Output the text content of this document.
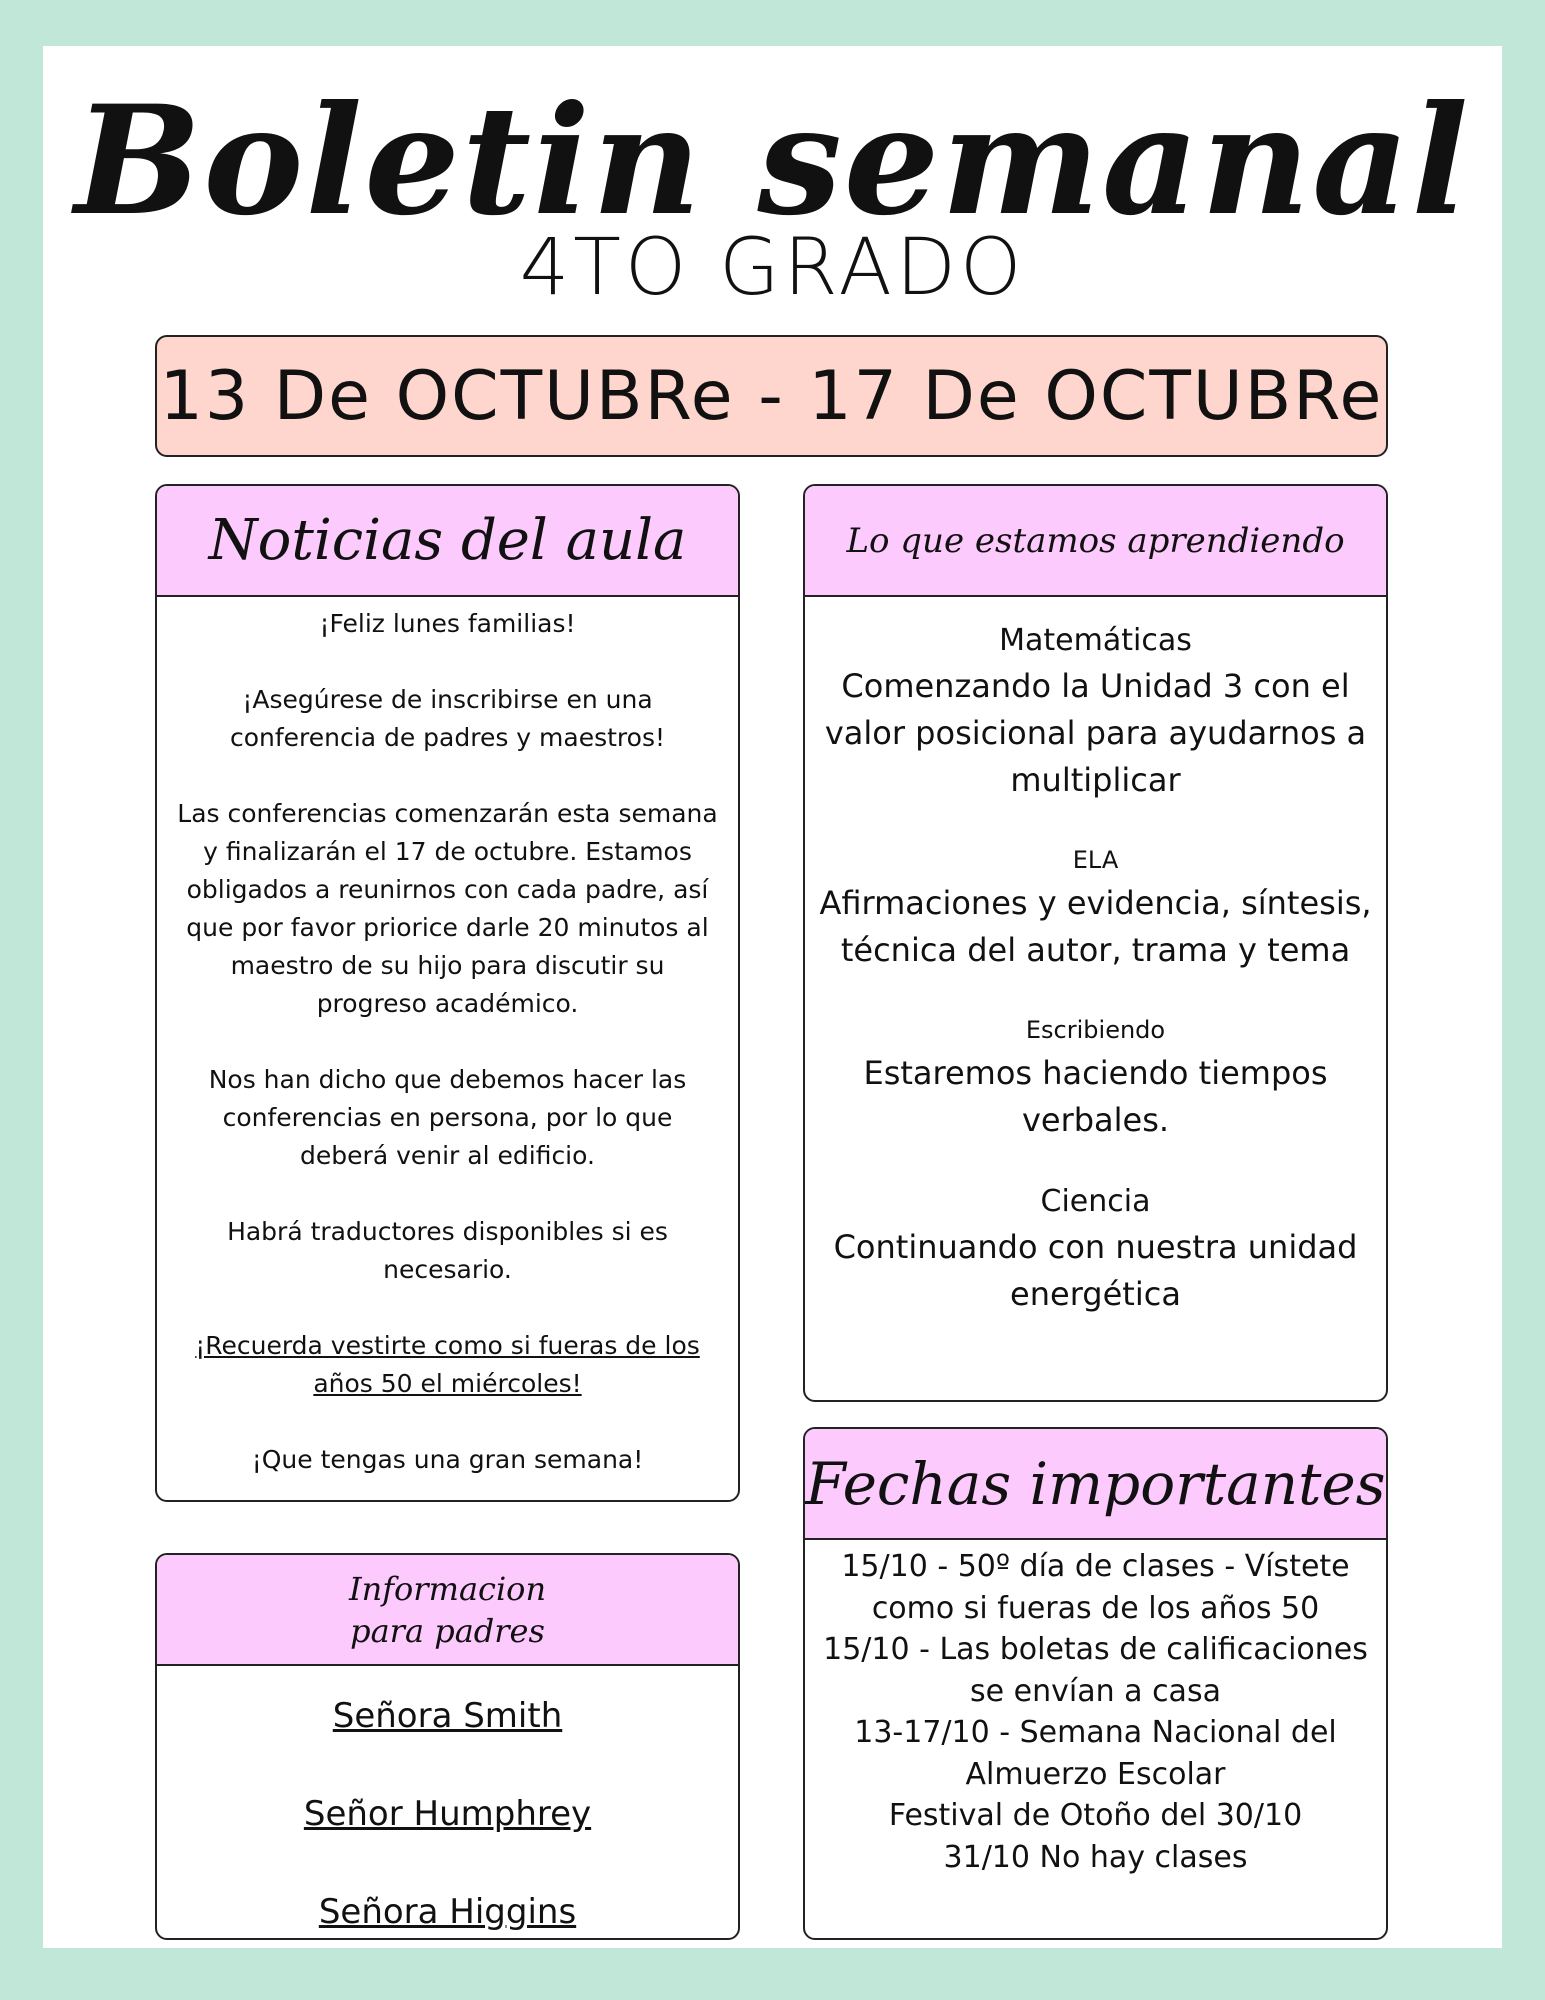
Boletin semanal
4TO GRADO
13 De OCTUBRe - 17 De OCTUBRe
Noticias del aula

¡Feliz lunes familias!

¡Asegúrese de inscribirse en una conferencia de padres y maestros!

Las conferencias comenzarán esta semana y finalizarán el 17 de octubre. Estamos obligados a reunirnos con cada padre, así que por favor priorice darle 20 minutos al maestro de su hijo para discutir su progreso académico.

Nos han dicho que debemos hacer las conferencias en persona, por lo que deberá venir al edificio.

Habrá traductores disponibles si es necesario.

¡Recuerda vestirte como si fueras de los años 50 el miércoles!

¡Que tengas una gran semana!

Lo que estamos aprendiendo
Matemáticas
Comenzando la Unidad 3 con el valor posicional para ayudarnos a multiplicar
ELA
Afirmaciones y evidencia, síntesis, técnica del autor, trama y tema
Escribiendo
Estaremos haciendo tiempos verbales.
Ciencia
Continuando con nuestra unidad energética
Informacion para padres
Señora Smith
Señor Humphrey
Señora Higgins
Fechas importantes
15/10 - 50º día de clases - Vístete
como si fueras de los años 50
15/10 - Las boletas de calificaciones
se envían a casa
13-17/10 - Semana Nacional del
Almuerzo Escolar
Festival de Otoño del 30/10
31/10 No hay clases
